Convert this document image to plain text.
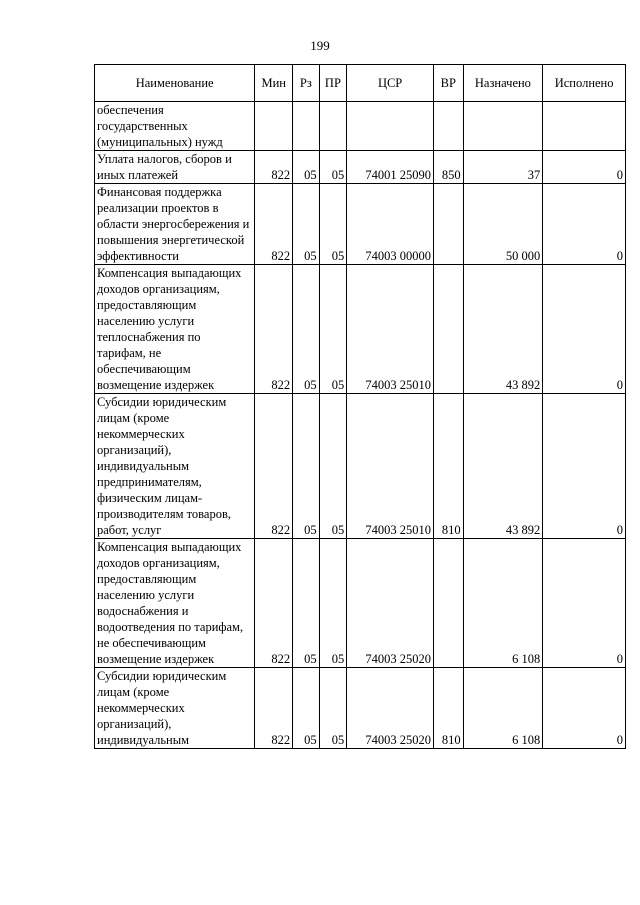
199
Наименование	Мин	Рз	ПР	ЦСР	ВР	Назначено	Исполнено
обеспечения государственных (муниципальных) нужд							
Уплата налогов, сборов и иных платежей	822	05	05	74001 25090	850	37	0
Финансовая поддержка реализации проектов в области энергосбережения и повышения энергетической эффективности	822	05	05	74003 00000		50 000	0
Компенсация выпадающих доходов организациям, предоставляющим населению услуги теплоснабжения по тарифам, не обеспечивающим возмещение издержек	822	05	05	74003 25010		43 892	0
Субсидии юридическим лицам (кроме некоммерческих организаций), индивидуальным предпринимателям, физическим лицам-производителям товаров, работ, услуг	822	05	05	74003 25010	810	43 892	0
Компенсация выпадающих доходов организациям, предоставляющим населению услуги водоснабжения и водоотведения по тарифам, не обеспечивающим возмещение издержек	822	05	05	74003 25020		6 108	0
Субсидии юридическим лицам (кроме некоммерческих организаций), индивидуальным	822	05	05	74003 25020	810	6 108	0
